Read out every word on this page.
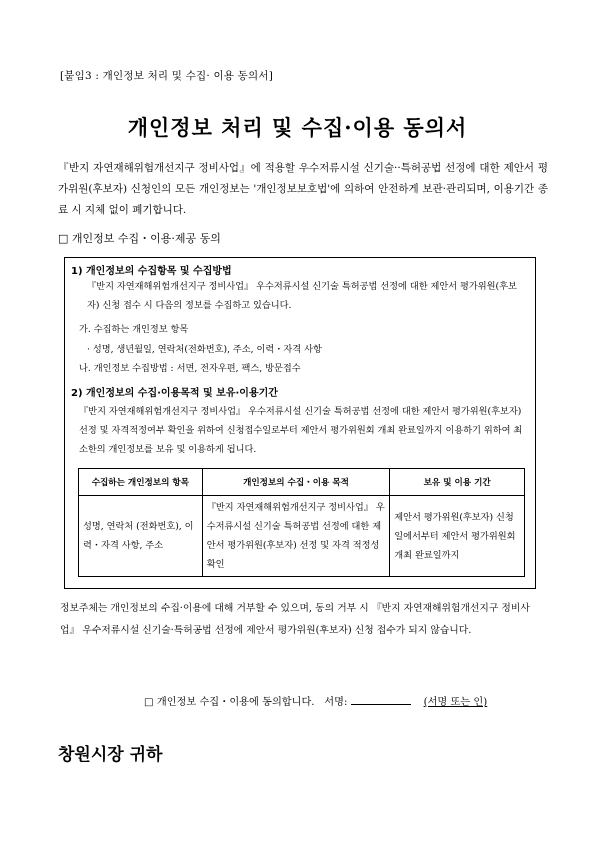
[붙임3 : 개인정보 처리 및 수집· 이용 동의서]
개인정보 처리 및 수집·이용 동의서
『반지 자연재해위험개선지구 정비사업』에 적용할 우수저류시설 신기술··특허공법 선정에 대한 제안서 평가위원(후보자) 신청인의 모든 개인정보는 '개인정보보호법'에 의하여 안전하게 보관·관리되며, 이용기간 종료 시 지체 없이 폐기합니다.
□ 개인정보 수집・이용·제공 동의
1) 개인정보의 수집항목 및 수집방법
『반지 자연재해위험개선지구 정비사업』 우수저류시설 신기술 특허공법 선정에 대한 제안서 평가위원(후보자) 신청 접수 시 다음의 정보를 수집하고 있습니다.
가. 수집하는 개인정보 항목
· 성명, 생년월일, 연락처(전화번호), 주소, 이력・자격 사항
나. 개인정보 수집방법 : 서면, 전자우편, 팩스, 방문접수
2) 개인정보의 수집·이용목적 및 보유·이용기간
『반지 자연재해위험개선지구 정비사업』 우수저류시설 신기술 특허공법 선정에 대한 제안서 평가위원(후보자) 선정 및 자격적정여부 확인을 위하여 신청접수일로부터 제안서 평가위원회 개최 완료일까지 이용하기 위하여 최소한의 개인정보를 보유 및 이용하게 됩니다.
수집하는 개인정보의 항목	개인정보의 수집・이용 목적	보유 및 이용 기간
성명, 연락처 (전화번호), 이력・자격 사항, 주소	『반지 자연재해위험개선지구 정비사업』 우수저류시설 신기술 특허공법 선정에 대한 제안서 평가위원(후보자) 선정 및 자격 적정성 확인	제안서 평가위원(후보자) 신청일에서부터 제안서 평가위원회 개최 완료일까지
정보주체는 개인정보의 수집·이용에 대해 거부할 수 있으며, 동의 거부 시 『반지 자연재해위험개선지구 정비사업』 우수저류시설 신기술·특허공법 선정에 제안서 평가위원(후보자) 신청 접수가 되지 않습니다.
□ 개인정보 수집・이용에 동의합니다. 서명:	(서명 또는 인)
창원시장 귀하
